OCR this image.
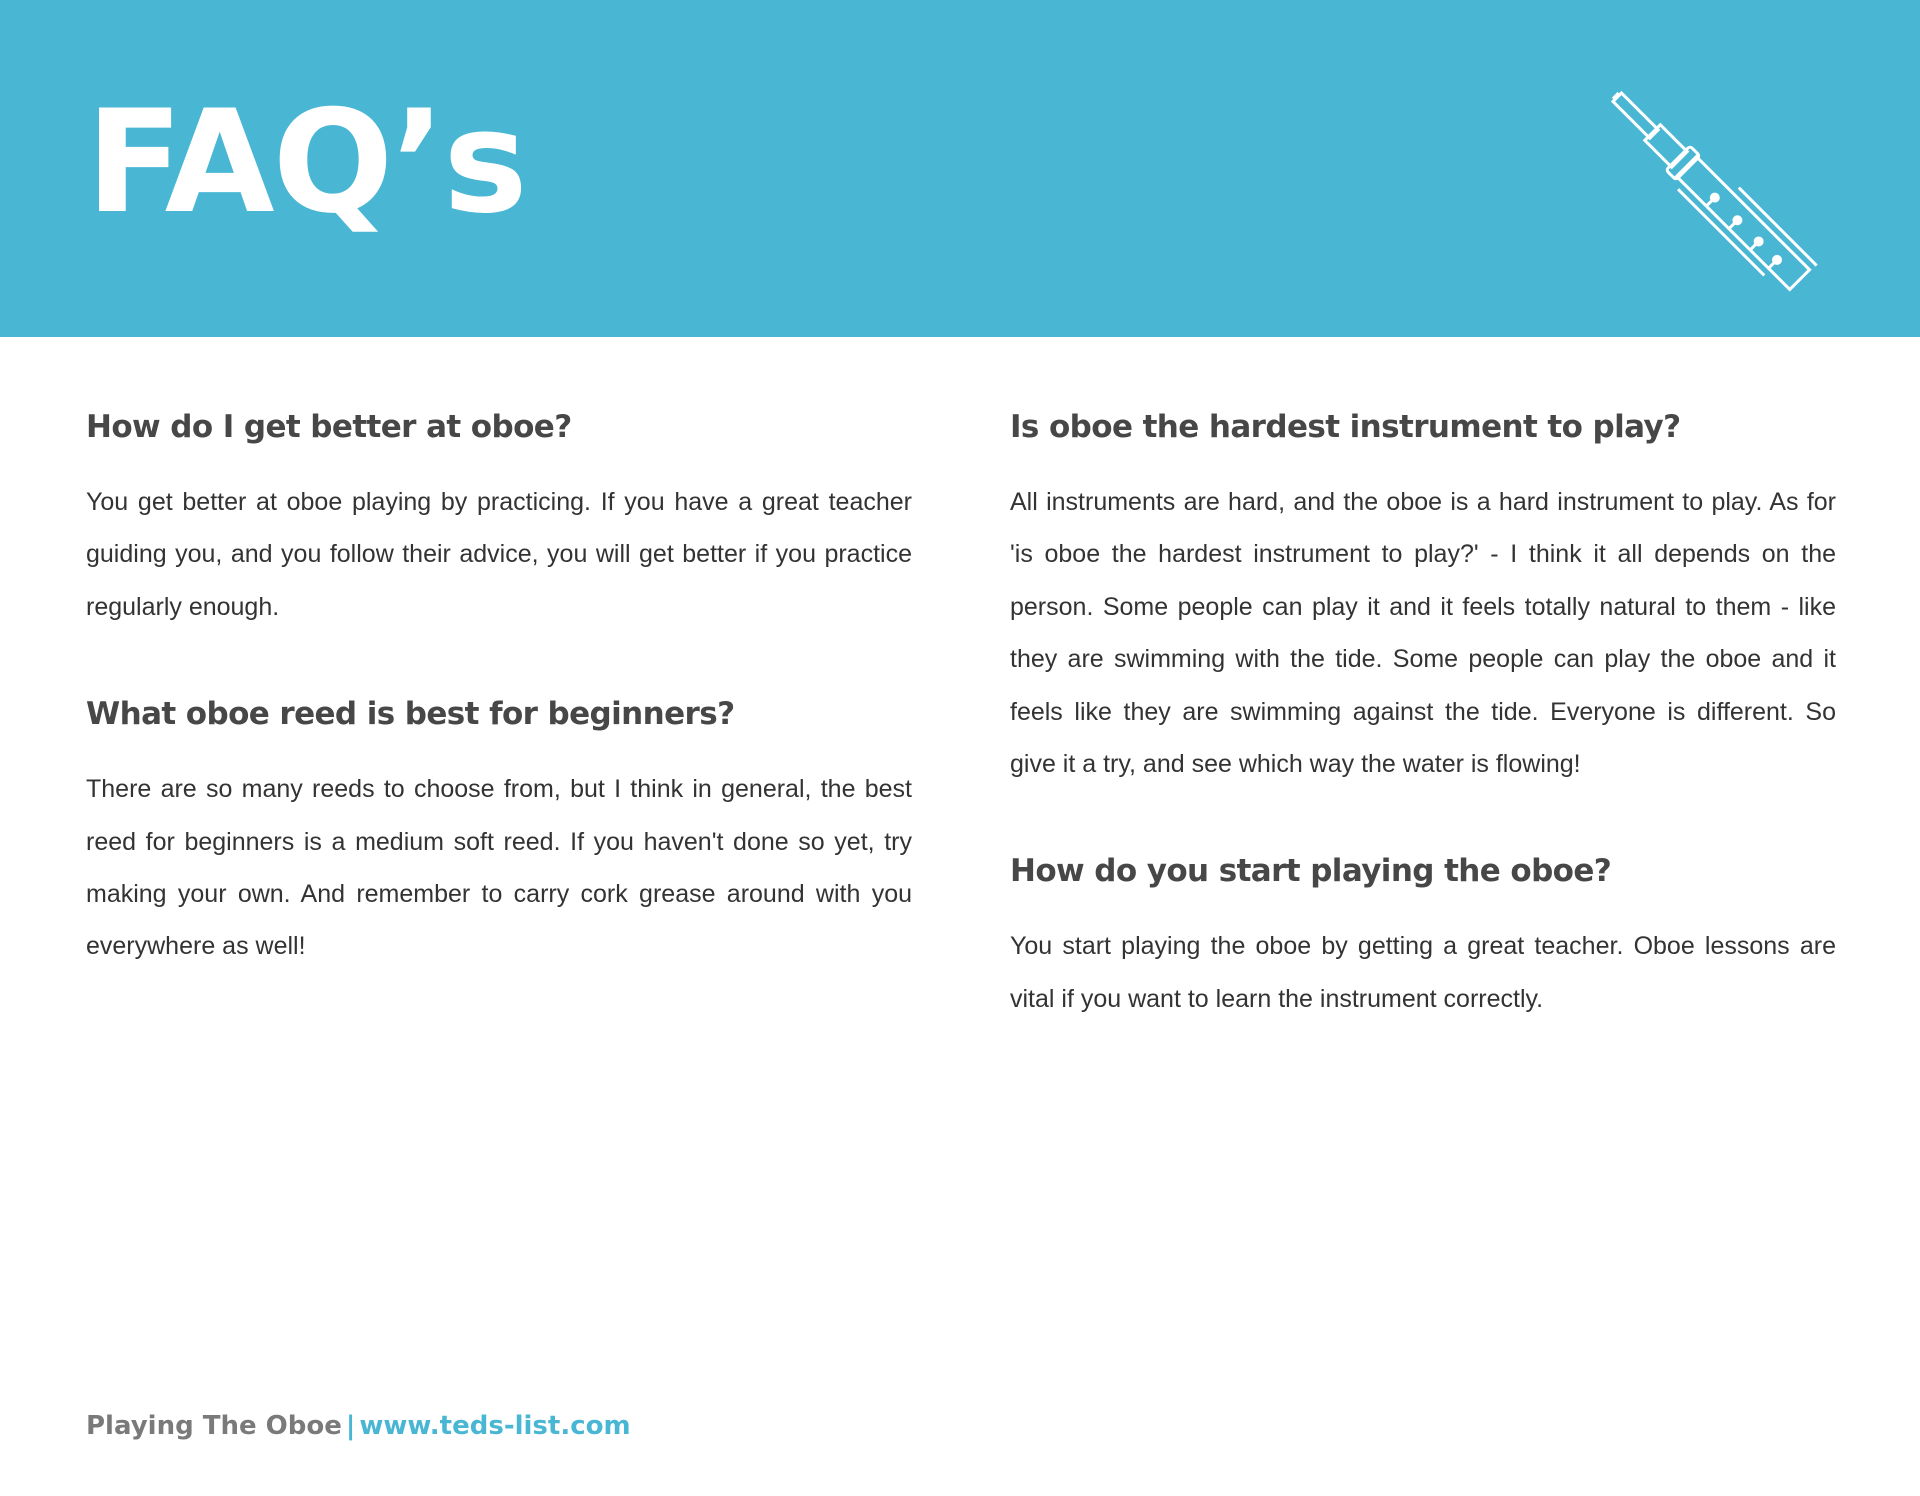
FAQ’s
How do I get better at oboe?

You get better at oboe playing by practicing. If you have a great teacher guiding you, and you follow their advice, you will get better if you practice regularly enough.

What oboe reed is best for beginners?

There are so many reeds to choose from, but I think in general, the best reed for beginners is a medium soft reed. If you haven't done so yet, try making your own. And remember to carry cork grease around with you everywhere as well!

Is oboe the hardest instrument to play?

All instruments are hard, and the oboe is a hard instrument to play. As for 'is oboe the hardest instrument to play?' - I think it all depends on the person. Some people can play it and it feels totally natural to them - like they are swimming with the tide. Some people can play the oboe and it feels like they are swimming against the tide. Everyone is different. So give it a try, and see which way the water is flowing!

How do you start playing the oboe?

You start playing the oboe by getting a great teacher. Oboe lessons are vital if you want to learn the instrument correctly.

Playing The Oboe | www.teds-list.com
